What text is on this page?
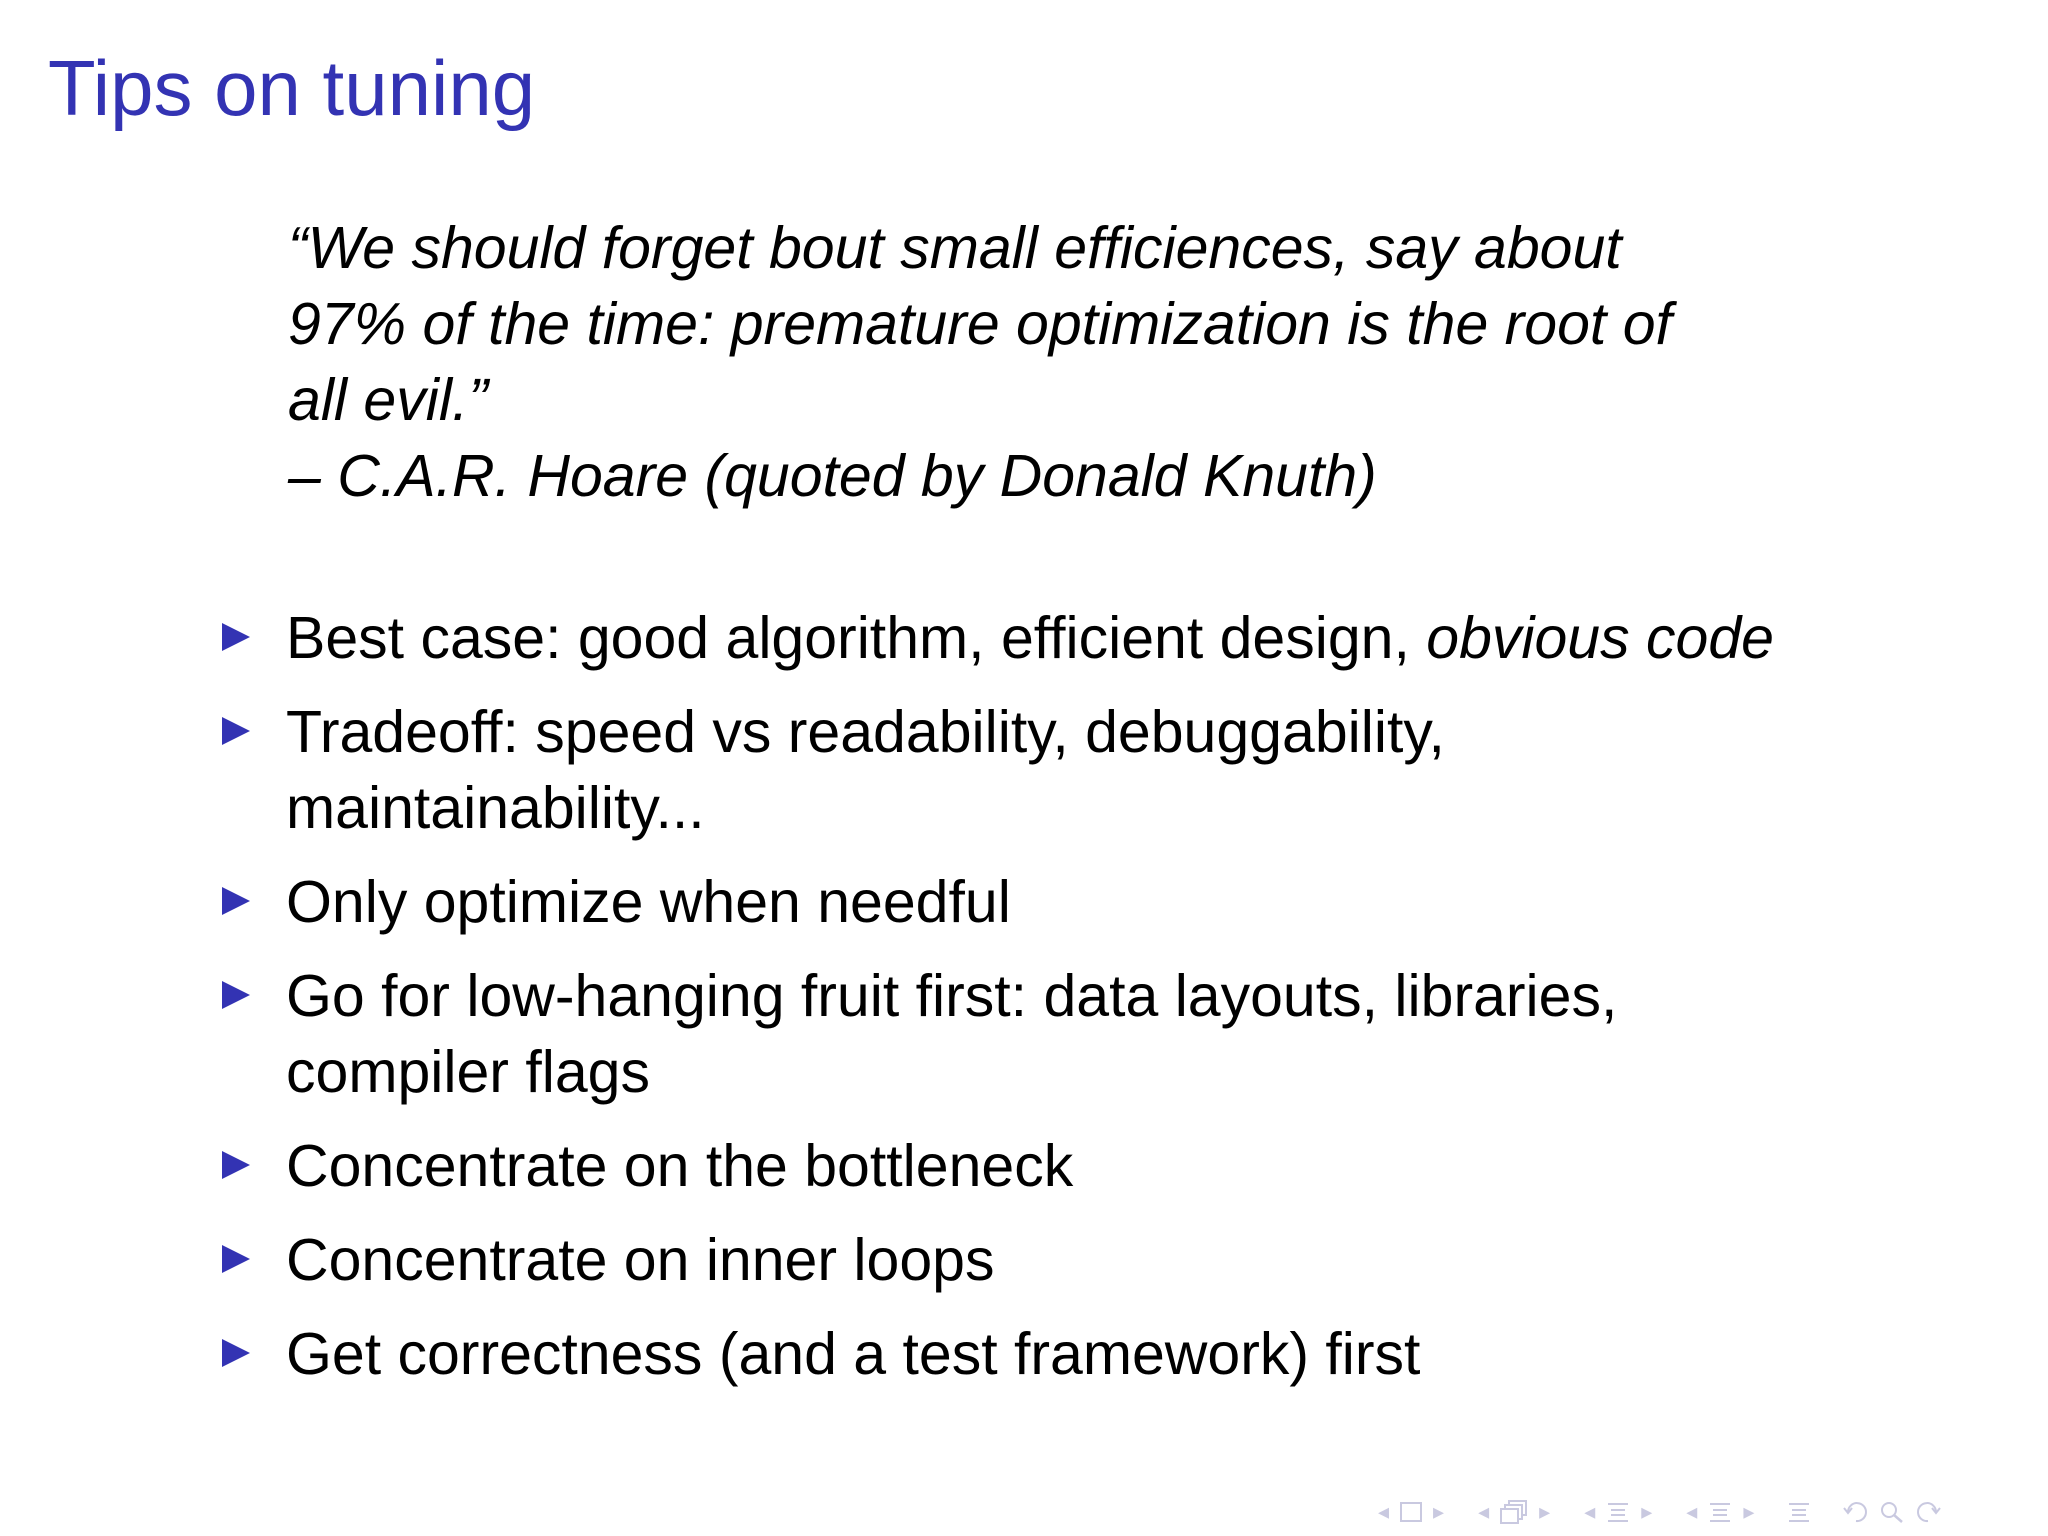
Tips on tuning
“We should forget bout small efficiences, say about
97% of the time: premature optimization is the root of
all evil.”
– C.A.R. Hoare (quoted by Donald Knuth)
Best case: good algorithm, efficient design, obvious code
Tradeoff: speed vs readability, debuggability,
maintainability...
Only optimize when needful
Go for low-hanging fruit first: data layouts, libraries,
compiler flags
Concentrate on the bottleneck
Concentrate on inner loops
Get correctness (and a test framework) first
◂ ▸ ◂ ▸ ◂ ▸ ◂ ▸
